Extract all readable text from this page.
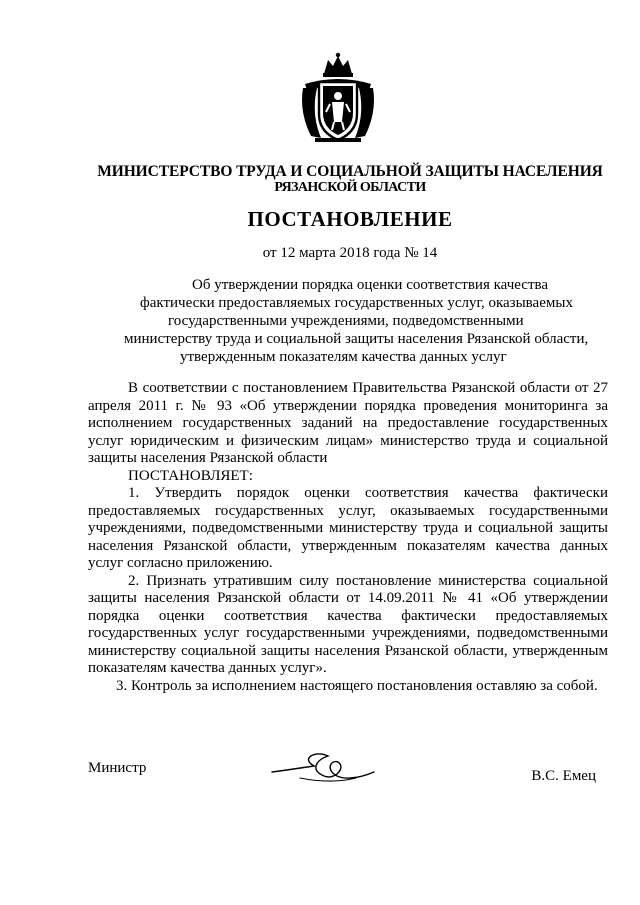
МИНИСТЕРСТВО ТРУДА И СОЦИАЛЬНОЙ ЗАЩИТЫ НАСЕЛЕНИЯ
РЯЗАНСКОЙ ОБЛАСТИ
ПОСТАНОВЛЕНИЕ
от 12 марта 2018 года № 14
Об утверждении порядка оценки соответствия качества
фактически предоставляемых государственных услуг, оказываемых
государственными учреждениями, подведомственными
министерству труда и социальной защиты населения Рязанской области,
утвержденным показателям качества данных услуг

В соответствии с постановлением Правительства Рязанской области от 27 апреля 2011 г. № 93 «Об утверждении порядка проведения мониторинга за исполнением государственных заданий на предоставление государственных услуг юридическим и физическим лицам» министерство труда и социальной защиты населения Рязанской области

ПОСТАНОВЛЯЕТ:

1. Утвердить порядок оценки соответствия качества фактически предоставляемых государственных услуг, оказываемых государственными учреждениями, подведомственными министерству труда и социальной защиты населения Рязанской области, утвержденным показателям качества данных услуг согласно приложению.

2. Признать утратившим силу постановление министерства социальной защиты населения Рязанской области от 14.09.2011 № 41 «Об утверждении порядка оценки соответствия качества фактически предоставляемых государственных услуг государственными учреждениями, подведомственными министерству социальной защиты населения Рязанской области, утвержденным показателям качества данных услуг».

3. Контроль за исполнением настоящего постановления оставляю за собой.

Министр	В.С. Емец
